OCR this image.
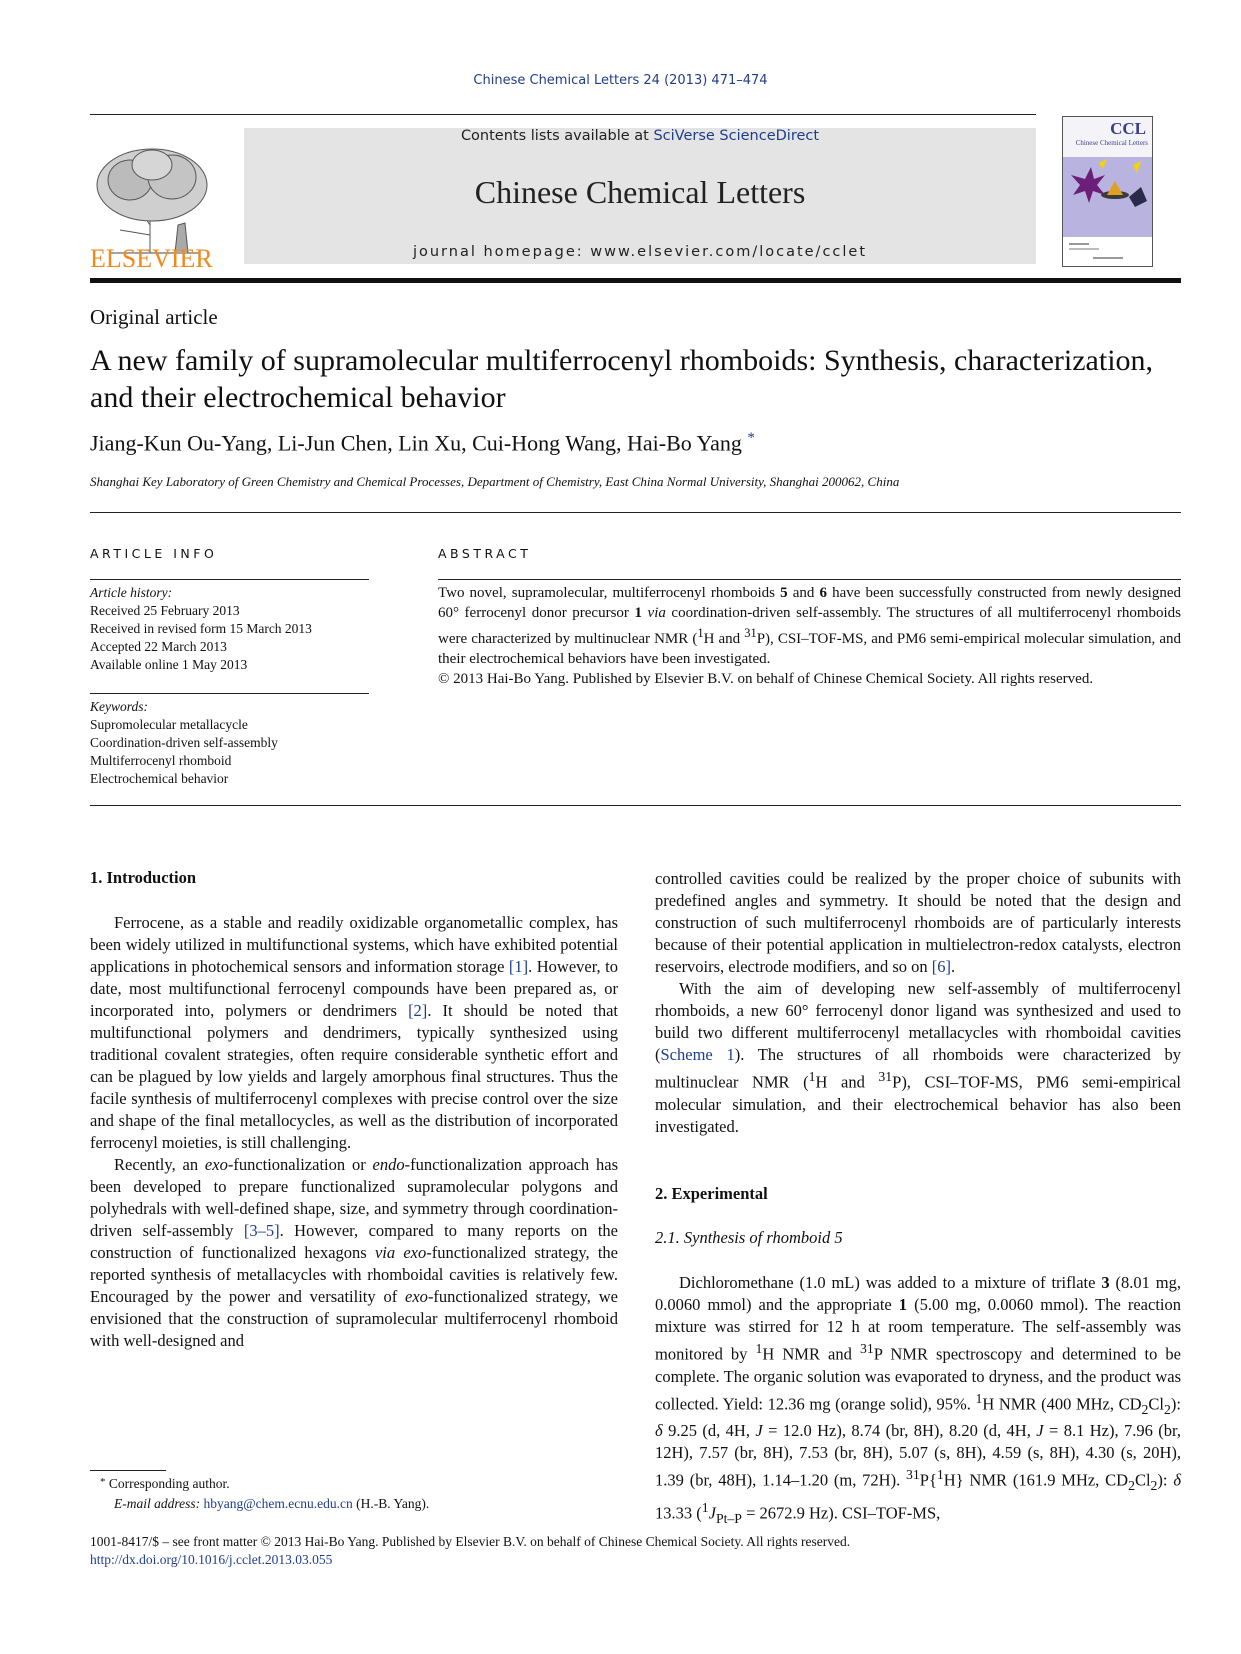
Chinese Chemical Letters 24 (2013) 471–474
ELSEVIER
Contents lists available at SciVerse ScienceDirect
Chinese Chemical Letters
journal homepage: www.elsevier.com/locate/cclet
CCL
Chinese Chemical Letters
Original article
A new family of supramolecular multiferrocenyl rhomboids: Synthesis, characterization, and their electrochemical behavior
Jiang-Kun Ou-Yang, Li-Jun Chen, Lin Xu, Cui-Hong Wang, Hai-Bo Yang *
Shanghai Key Laboratory of Green Chemistry and Chemical Processes, Department of Chemistry, East China Normal University, Shanghai 200062, China
ARTICLE INFO
Article history:
Received 25 February 2013
Received in revised form 15 March 2013
Accepted 22 March 2013
Available online 1 May 2013
Keywords:
Supromolecular metallacycle
Coordination-driven self-assembly
Multiferrocenyl rhomboid
Electrochemical behavior
ABSTRACT
Two novel, supramolecular, multiferrocenyl rhomboids 5 and 6 have been successfully constructed from newly designed 60° ferrocenyl donor precursor 1 via coordination-driven self-assembly. The structures of all multiferrocenyl rhomboids were characterized by multinuclear NMR ($^1$H and $^{31}$P), CSI–TOF-MS, and PM6 semi-empirical molecular simulation, and their electrochemical behaviors have been investigated.
© 2013 Hai-Bo Yang. Published by Elsevier B.V. on behalf of Chinese Chemical Society. All rights reserved.
1. Introduction

Ferrocene, as a stable and readily oxidizable organometallic complex, has been widely utilized in multifunctional systems, which have exhibited potential applications in photochemical sensors and information storage [1]. However, to date, most multifunctional ferrocenyl compounds have been prepared as, or incorporated into, polymers or dendrimers [2]. It should be noted that multifunctional polymers and dendrimers, typically synthesized using traditional covalent strategies, often require considerable synthetic effort and can be plagued by low yields and largely amorphous final structures. Thus the facile synthesis of multiferrocenyl complexes with precise control over the size and shape of the final metallocycles, as well as the distribution of incorporated ferrocenyl moieties, is still challenging.

Recently, an exo-functionalization or endo-functionalization approach has been developed to prepare functionalized supramolecular polygons and polyhedrals with well-defined shape, size, and symmetry through coordination-driven self-assembly [3–5]. However, compared to many reports on the construction of functionalized hexagons via exo-functionalized strategy, the reported synthesis of metallacycles with rhomboidal cavities is relatively few. Encouraged by the power and versatility of exo-functionalized strategy, we envisioned that the construction of supramolecular multiferrocenyl rhomboid with well-designed and

controlled cavities could be realized by the proper choice of subunits with predefined angles and symmetry. It should be noted that the design and construction of such multiferrocenyl rhomboids are of particularly interests because of their potential application in multielectron-redox catalysts, electron reservoirs, electrode modifiers, and so on [6].

With the aim of developing new self-assembly of multiferrocenyl rhomboids, a new 60° ferrocenyl donor ligand was synthesized and used to build two different multiferrocenyl metallacycles with rhomboidal cavities (Scheme 1). The structures of all rhomboids were characterized by multinuclear NMR ($^1$H and $^{31}$P), CSI–TOF-MS, PM6 semi-empirical molecular simulation, and their electrochemical behavior has also been investigated.

2. Experimental
2.1. Synthesis of rhomboid 5

Dichloromethane (1.0 mL) was added to a mixture of triflate 3 (8.01 mg, 0.0060 mmol) and the appropriate 1 (5.00 mg, 0.0060 mmol). The reaction mixture was stirred for 12 h at room temperature. The self-assembly was monitored by $^1$H NMR and $^{31}$P NMR spectroscopy and determined to be complete. The organic solution was evaporated to dryness, and the product was collected. Yield: 12.36 mg (orange solid), 95%. $^1$H NMR (400 MHz, $CD_2Cl_2$): δ 9.25 (d, 4H, J = 12.0 Hz), 8.74 (br, 8H), 8.20 (d, 4H, J = 8.1 Hz), 7.96 (br, 12H), 7.57 (br, 8H), 7.53 (br, 8H), 5.07 (s, 8H), 4.59 (s, 8H), 4.30 (s, 20H), 1.39 (br, 48H), 1.14–1.20 (m, 72H). $^{31}$P{$^1$H} NMR (161.9 MHz, $CD_2Cl_2$): δ 13.33 ($^1J_{Pt-P} = 2672.9$ Hz). CSI–TOF-MS,

* Corresponding author.
E-mail address: hbyang@chem.ecnu.edu.cn (H.-B. Yang).
1001-8417/$ – see front matter © 2013 Hai-Bo Yang. Published by Elsevier B.V. on behalf of Chinese Chemical Society. All rights reserved.
http://dx.doi.org/10.1016/j.cclet.2013.03.055
